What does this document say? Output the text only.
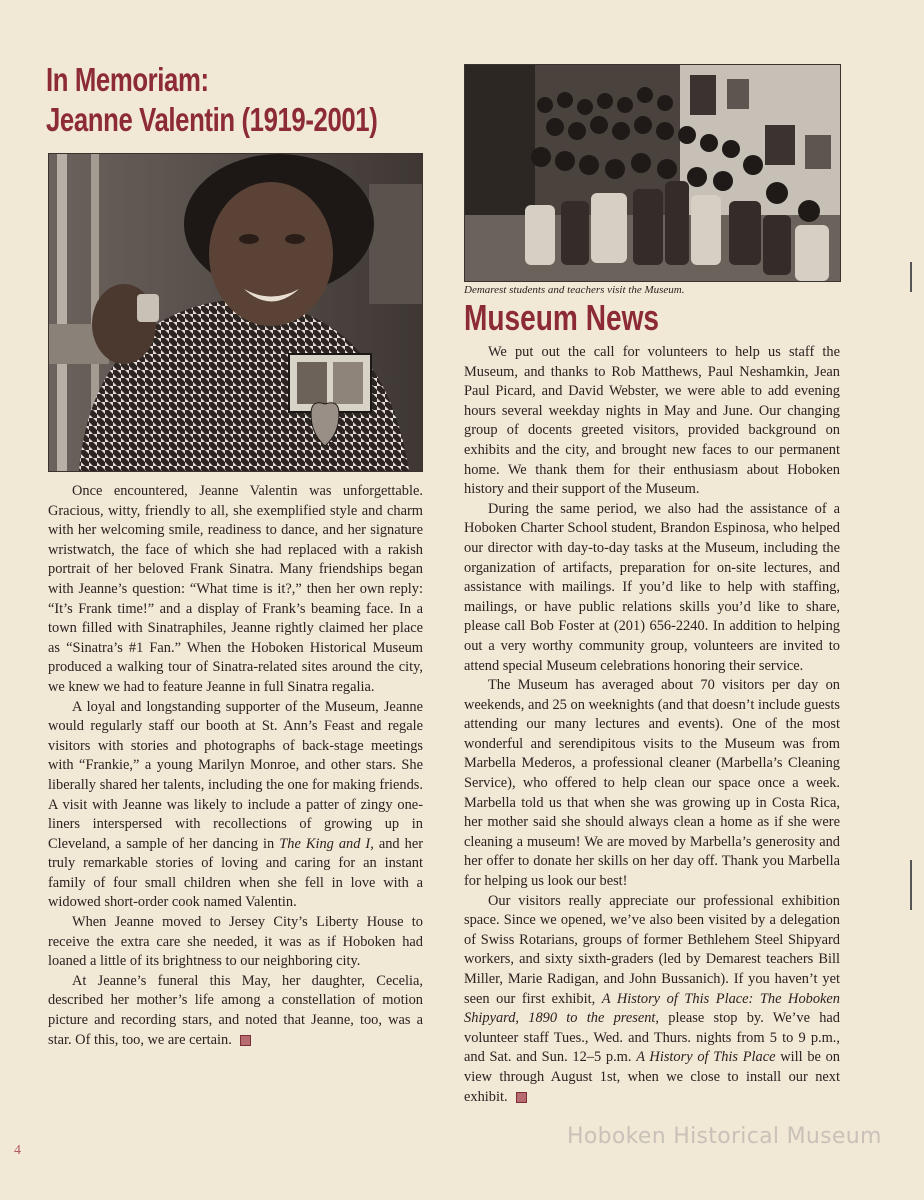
In Memoriam:
Jeanne Valentin (1919-2001)
Demarest students and teachers visit the Museum.
Museum News

Once encountered, Jeanne Valentin was unforgettable. Gracious, witty, friendly to all, she exemplified style and charm with her welcoming smile, readiness to dance, and her signature wristwatch, the face of which she had replaced with a rakish portrait of her beloved Frank Sinatra. Many friendships began with Jeanne’s question: “What time is it?,” then her own reply: “It’s Frank time!” and a display of Frank’s beaming face. In a town filled with Sinatraphiles, Jeanne rightly claimed her place as “Sinatra’s #1 Fan.” When the Hoboken Historical Museum produced a walking tour of Sinatra-related sites around the city, we knew we had to feature Jeanne in full Sinatra regalia.

A loyal and longstanding supporter of the Museum, Jeanne would regularly staff our booth at St. Ann’s Feast and regale visitors with stories and photographs of back-stage meetings with “Frankie,” a young Marilyn Monroe, and other stars. She liberally shared her talents, including the one for making friends. A visit with Jeanne was likely to include a patter of zingy one-liners interspersed with recollections of growing up in Cleveland, a sample of her dancing in The King and I, and her truly remarkable stories of loving and caring for an instant family of four small children when she fell in love with a widowed short-order cook named Valentin.

When Jeanne moved to Jersey City’s Liberty House to receive the extra care she needed, it was as if Hoboken had loaned a little of its brightness to our neighboring city.

At Jeanne’s funeral this May, her daughter, Cecelia, described her mother’s life among a constellation of motion picture and recording stars, and noted that Jeanne, too, was a star. Of this, too, we are certain.

We put out the call for volunteers to help us staff the Museum, and thanks to Rob Matthews, Paul Neshamkin, Jean Paul Picard, and David Webster, we were able to add evening hours several weekday nights in May and June. Our changing group of docents greeted visitors, provided background on exhibits and the city, and brought new faces to our permanent home. We thank them for their enthusiasm about Hoboken history and their support of the Museum.

During the same period, we also had the assistance of a Hoboken Charter School student, Brandon Espinosa, who helped our director with day-to-day tasks at the Museum, including the organization of artifacts, preparation for on-site lectures, and assistance with mailings. If you’d like to help with staffing, mailings, or have public relations skills you’d like to share, please call Bob Foster at (201) 656-2240. In addition to helping out a very worthy community group, volunteers are invited to attend special Museum celebrations honoring their service.

The Museum has averaged about 70 visitors per day on weekends, and 25 on weeknights (and that doesn’t include guests attending our many lectures and events). One of the most wonderful and serendipitous visits to the Museum was from Marbella Mederos, a professional cleaner (Marbella’s Cleaning Service), who offered to help clean our space once a week. Marbella told us that when she was growing up in Costa Rica, her mother said she should always clean a home as if she were cleaning a museum! We are moved by Marbella’s generosity and her offer to donate her skills on her day off. Thank you Marbella for helping us look our best!

Our visitors really appreciate our professional exhibition space. Since we opened, we’ve also been visited by a delegation of Swiss Rotarians, groups of former Bethlehem Steel Shipyard workers, and sixty sixth-graders (led by Demarest teachers Bill Miller, Marie Radigan, and John Bussanich). If you haven’t yet seen our first exhibit, A History of This Place: The Hoboken Shipyard, 1890 to the present, please stop by. We’ve had volunteer staff Tues., Wed. and Thurs. nights from 5 to 9 p.m., and Sat. and Sun. 12–5 p.m. A History of This Place will be on view through August 1st, when we close to install our next exhibit.

Hoboken Historical Museum
4
